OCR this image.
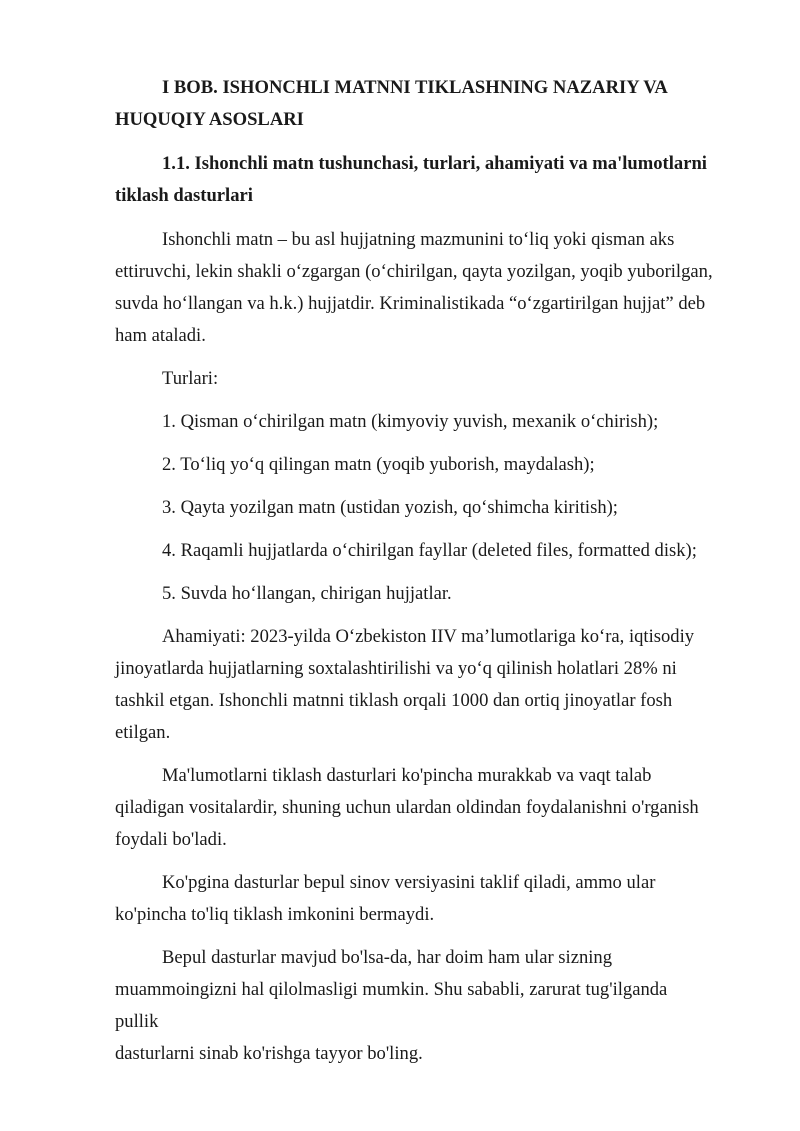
I BOB. ISHONCHLI MATNNI TIKLASHNING NAZARIY VA
HUQUQIY ASOSLARI
1.1. Ishonchli matn tushunchasi, turlari, ahamiyati va ma'lumotlarni
tiklash dasturlari
Ishonchli matn – bu asl hujjatning mazmunini to‘liq yoki qisman aks
ettiruvchi, lekin shakli o‘zgargan (o‘chirilgan, qayta yozilgan, yoqib yuborilgan,
suvda ho‘llangan va h.k.) hujjatdir. Kriminalistikada “o‘zgartirilgan hujjat” deb
ham ataladi.
Turlari:
1. Qisman o‘chirilgan matn (kimyoviy yuvish, mexanik o‘chirish);
2. To‘liq yo‘q qilingan matn (yoqib yuborish, maydalash);
3. Qayta yozilgan matn (ustidan yozish, qo‘shimcha kiritish);
4. Raqamli hujjatlarda o‘chirilgan fayllar (deleted files, formatted disk);
5. Suvda ho‘llangan, chirigan hujjatlar.
Ahamiyati: 2023-yilda O‘zbekiston IIV ma’lumotlariga ko‘ra, iqtisodiy
jinoyatlarda hujjatlarning soxtalashtirilishi va yo‘q qilinish holatlari 28% ni
tashkil etgan. Ishonchli matnni tiklash orqali 1000 dan ortiq jinoyatlar fosh
etilgan.
Ma'lumotlarni tiklash dasturlari ko'pincha murakkab va vaqt talab
qiladigan vositalardir, shuning uchun ulardan oldindan foydalanishni o'rganish
foydali bo'ladi.
Ko'pgina dasturlar bepul sinov versiyasini taklif qiladi, ammo ular
ko'pincha to'liq tiklash imkonini bermaydi.
Bepul dasturlar mavjud bo'lsa-da, har doim ham ular sizning
muammoingizni hal qilolmasligi mumkin. Shu sababli, zarurat tug'ilganda pullik
dasturlarni sinab ko'rishga tayyor bo'ling.
